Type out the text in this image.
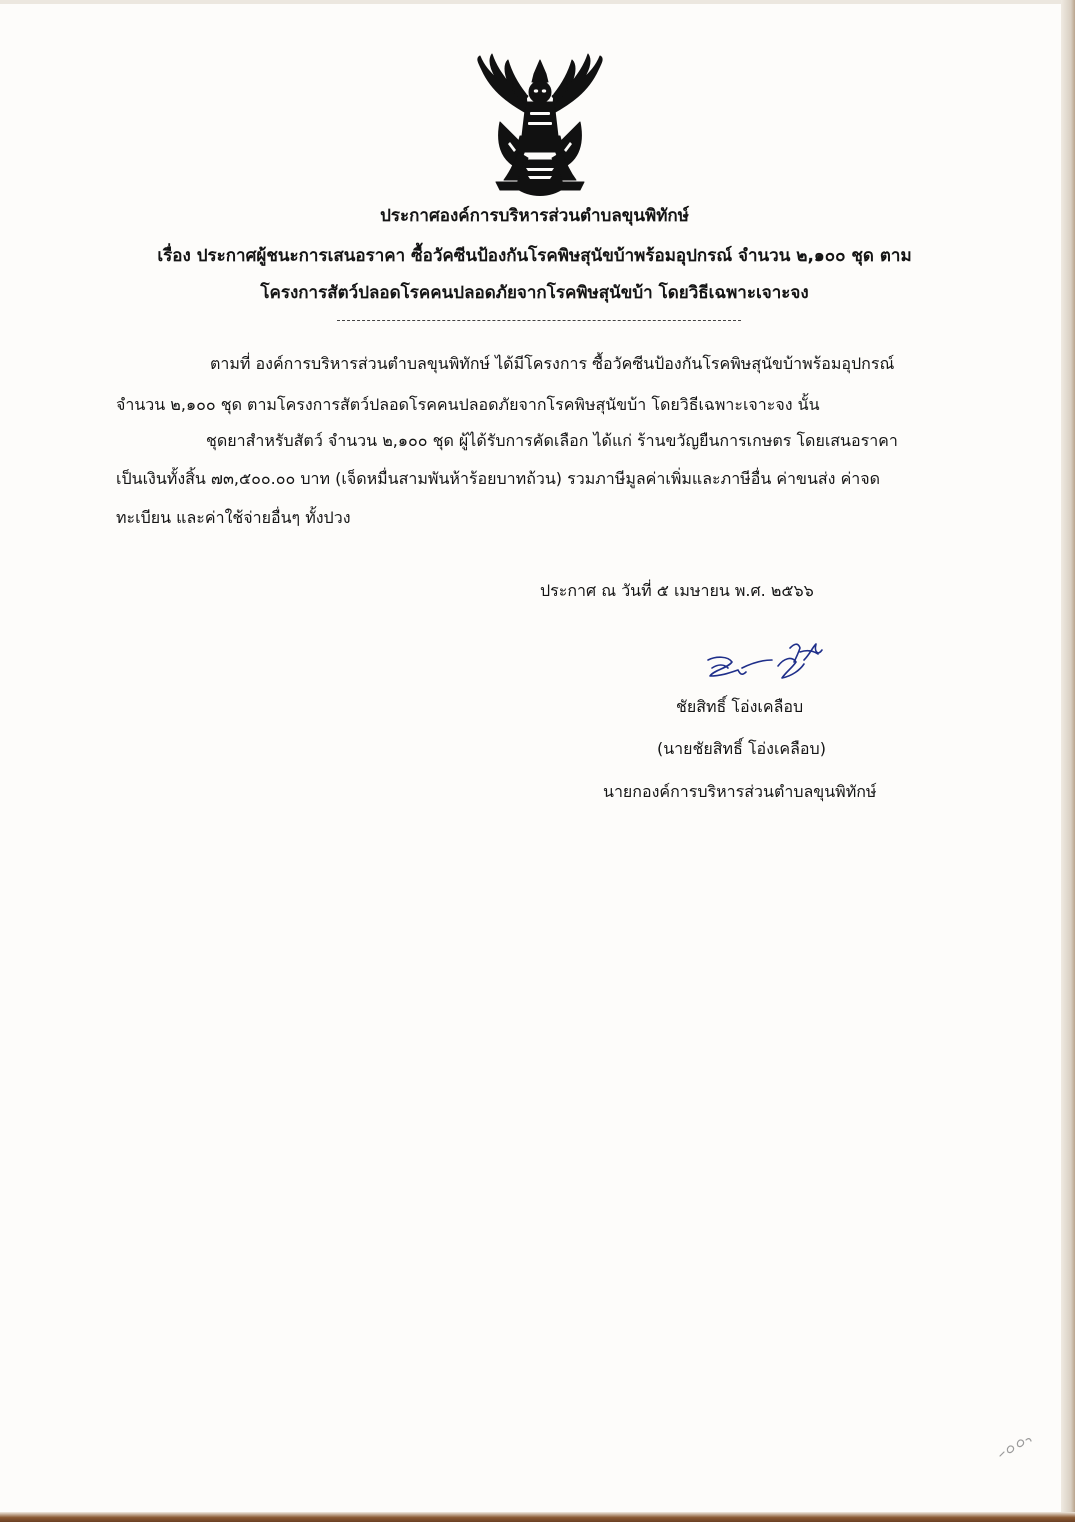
ประกาศองค์การบริหารส่วนตำบลขุนพิทักษ์
เรื่อง ประกาศผู้ชนะการเสนอราคา ซื้อวัคซีนป้องกันโรคพิษสุนัขบ้าพร้อมอุปกรณ์ จำนวน ๒,๑๐๐ ชุด ตาม
โครงการสัตว์ปลอดโรคคนปลอดภัยจากโรคพิษสุนัขบ้า โดยวิธีเฉพาะเจาะจง
ตามที่ องค์การบริหารส่วนตำบลขุนพิทักษ์ ได้มีโครงการ ซื้อวัคซีนป้องกันโรคพิษสุนัขบ้าพร้อมอุปกรณ์
จำนวน ๒,๑๐๐ ชุด ตามโครงการสัตว์ปลอดโรคคนปลอดภัยจากโรคพิษสุนัขบ้า โดยวิธีเฉพาะเจาะจง นั้น
ชุดยาสำหรับสัตว์ จำนวน ๒,๑๐๐ ชุด ผู้ได้รับการคัดเลือก ได้แก่ ร้านขวัญยืนการเกษตร โดยเสนอราคา
เป็นเงินทั้งสิ้น ๗๓,๕๐๐.๐๐ บาท (เจ็ดหมื่นสามพันห้าร้อยบาทถ้วน) รวมภาษีมูลค่าเพิ่มและภาษีอื่น ค่าขนส่ง ค่าจด
ทะเบียน และค่าใช้จ่ายอื่นๆ ทั้งปวง
ประกาศ ณ วันที่ ๕ เมษายน พ.ศ. ๒๕๖๖
ชัยสิทธิ์ โอ่งเคลือบ
(นายชัยสิทธิ์ โอ่งเคลือบ)
นายกองค์การบริหารส่วนตำบลขุนพิทักษ์
